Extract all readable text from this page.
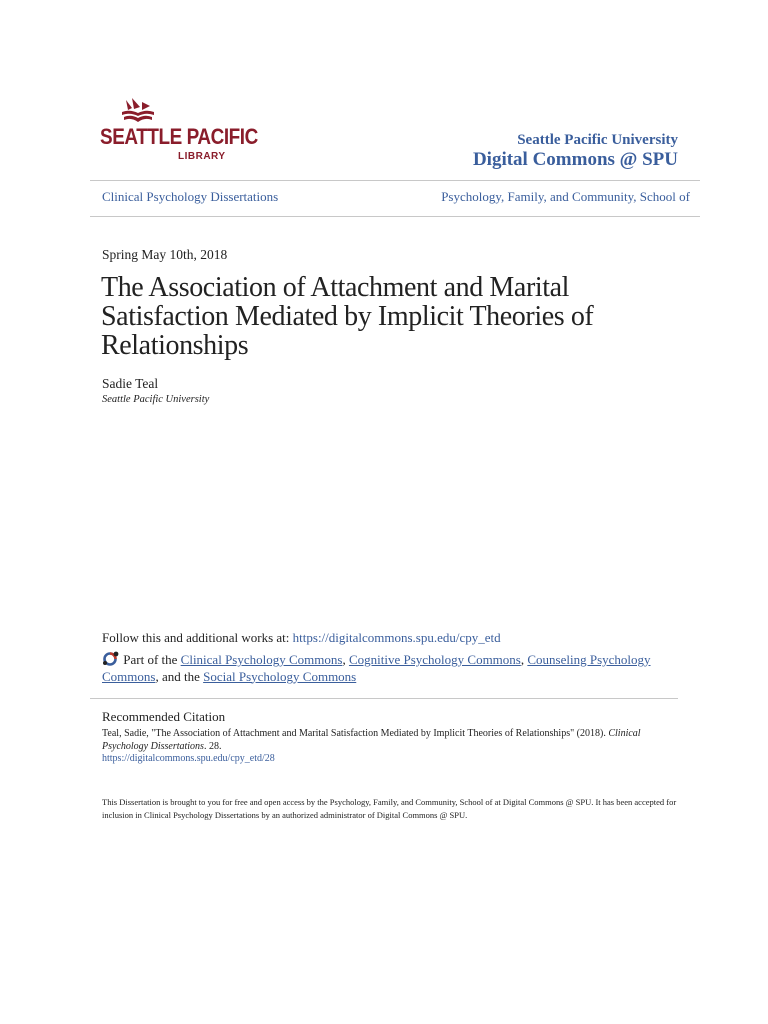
SEATTLE PACIFIC
LIBRARY
Seattle Pacific University
Digital Commons @ SPU
Clinical Psychology Dissertations	Psychology, Family, and Community, School of
Spring May 10th, 2018
The Association of Attachment and Marital Satisfaction Mediated by Implicit Theories of Relationships
Sadie Teal
Seattle Pacific University
Follow this and additional works at: https://digitalcommons.spu.edu/cpy_etd
Part of the Clinical Psychology Commons, Cognitive Psychology Commons, Counseling Psychology Commons, and the Social Psychology Commons
Recommended Citation
Teal, Sadie, "The Association of Attachment and Marital Satisfaction Mediated by Implicit Theories of Relationships" (2018). Clinical Psychology Dissertations. 28.
https://digitalcommons.spu.edu/cpy_etd/28
This Dissertation is brought to you for free and open access by the Psychology, Family, and Community, School of at Digital Commons @ SPU. It has been accepted for inclusion in Clinical Psychology Dissertations by an authorized administrator of Digital Commons @ SPU.
